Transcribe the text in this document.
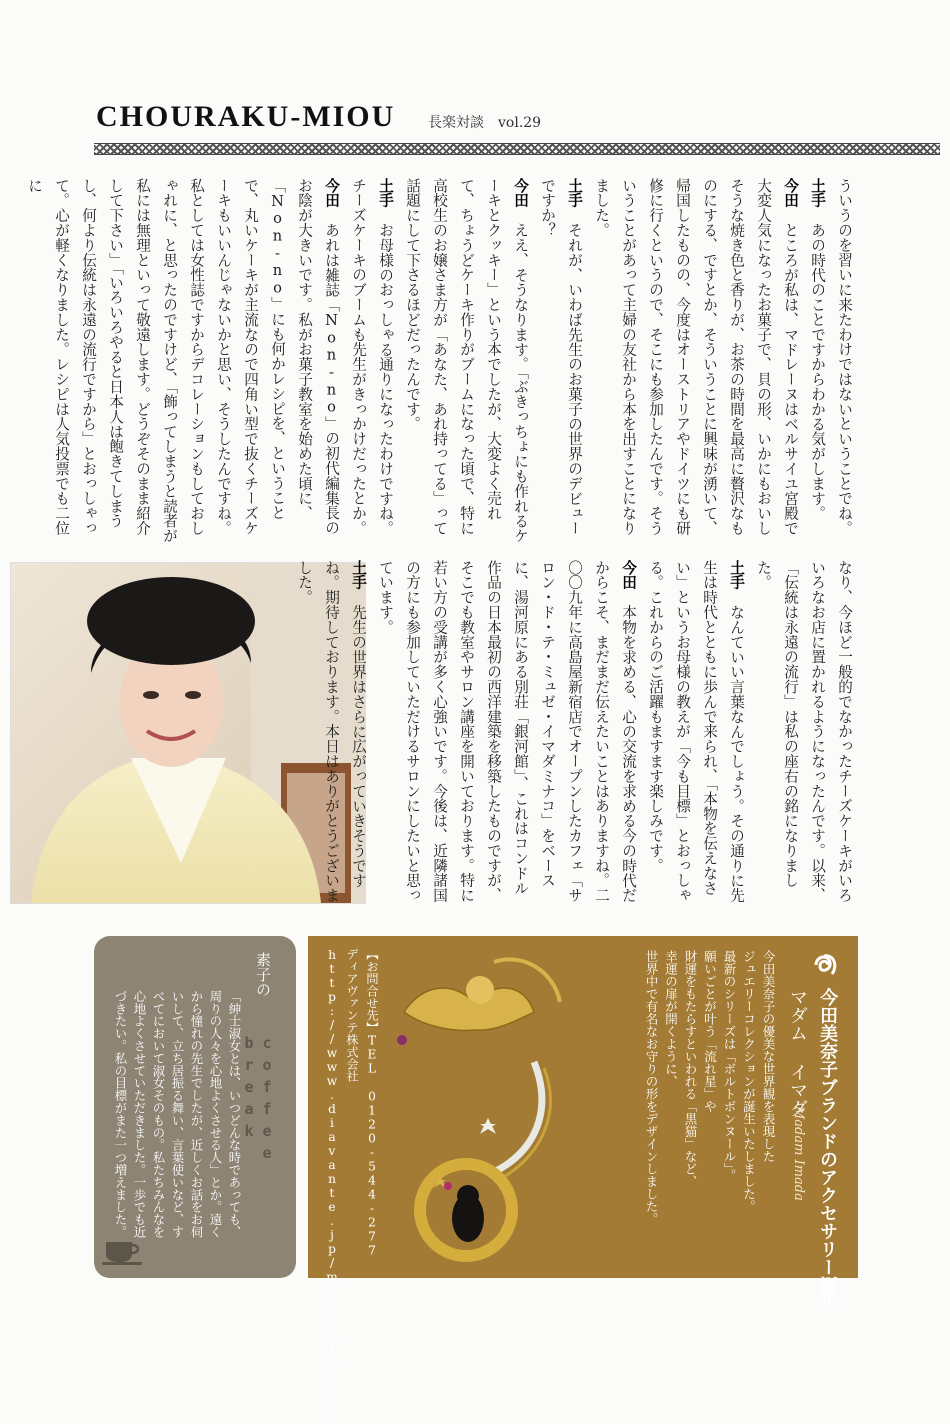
CHOURAKU-MIOU 長楽対談　vol.29

ういうのを習いに来たわけではないということでね。

土手　あの時代のことですからわかる気がします。

今田　ところが私は、マドレーヌはベルサイユ宮殿で大変人気になったお菓子で、貝の形、いかにもおいしそうな焼き色と香りが、お茶の時間を最高に贅沢なものにする、ですとか、そういうことに興味が湧いて、帰国したものの、今度はオーストリアやドイツにも研修に行くというので、そこにも参加したんです。そういうことがあって主婦の友社から本を出すことになりました。

土手　それが、いわば先生のお菓子の世界のデビューですか？

今田　ええ、そうなります。「ぶきっちょにも作れるケーキとクッキー」という本でしたが、大変よく売れて、ちょうどケーキ作りがブームになった頃で、特に高校生のお嬢さま方が「あなた、あれ持ってる」って話題にして下さるほどだったんです。

土手　お母様のおっしゃる通りになったわけですね。チーズケーキのブームも先生がきっかけだったとか。

今田　あれは雑誌「Non-no」の初代編集長のお陰が大きいです。私がお菓子教室を始めた頃に、「Non-no」にも何かレシピを、ということで、丸いケーキが主流なので四角い型で抜くチーズケーキもいいんじゃないかと思い、そうしたんですね。私としては女性誌ですからデコレーションもしておしゃれに、と思ったのですけど、「飾ってしまうと読者が私には無理といって敬遠します。どうぞそのまま紹介して下さい」「いろいろやると日本人は飽きてしまうし、何より伝統は永遠の流行ですから」とおっしゃって。心が軽くなりました。レシピは人気投票でも二位に

なり、今ほど一般的でなかったチーズケーキがいろいろなお店に置かれるようになったんです。以来、「伝統は永遠の流行」は私の座右の銘になりました。

土手　なんていい言葉なんでしょう。その通りに先生は時代とともに歩んで来られ、「本物を伝えなさい」というお母様の教えが「今も目標」とおっしゃる。これからのご活躍もますます楽しみです。

今田　本物を求める、心の交流を求める今の時代だからこそ、まだまだ伝えたいことはありますね。二〇〇九年に高島屋新宿店でオープンしたカフェ「サロン・ド・テ・ミュゼ・イマダミナコ」をベースに、湯河原にある別荘「銀河館」、これはコンドル作品の日本最初の西洋建築を移築したものですが、そこでも教室やサロン講座を開いております。特に若い方の受講が多く心強いです。今後は、近隣諸国の方にも参加していただけるサロンにしたいと思っています。

土手　先生の世界はさらに広がっていきそうですね。期待しております。本日はありがとうございました。

素子の
coffee break

「紳士淑女とは、いつどんな時であっても、周りの人々を心地よくさせる人」とか。遠くから憧れの先生でしたが、近しくお話をお伺いして、立ち居振る舞い、言葉使いなど、すべてにおいて淑女そのもの。私たちみんなを心地よくさせていただきました。一歩でも近づきたい。私の目標がまた一つ増えました。	今田美奈子ブランドのアクセサリー誕生
マダム イマダ
Madam Imada

今田美奈子の優美な世界観を表現した

ジュエリーコレクションが誕生いたしました。

最新のシリーズは「ボルトボンヌール」。

願いごとが叶う「流れ星」や

財運をもたらすといわれる「黒猫」など、

幸運の扉が開くように、

世界中で有名なお守りの形をデザインしました。

【お問合せ先】TEL 0120-544-277

ディアヴァンテ株式会社

http://www.diavante.jp/madamimada/
